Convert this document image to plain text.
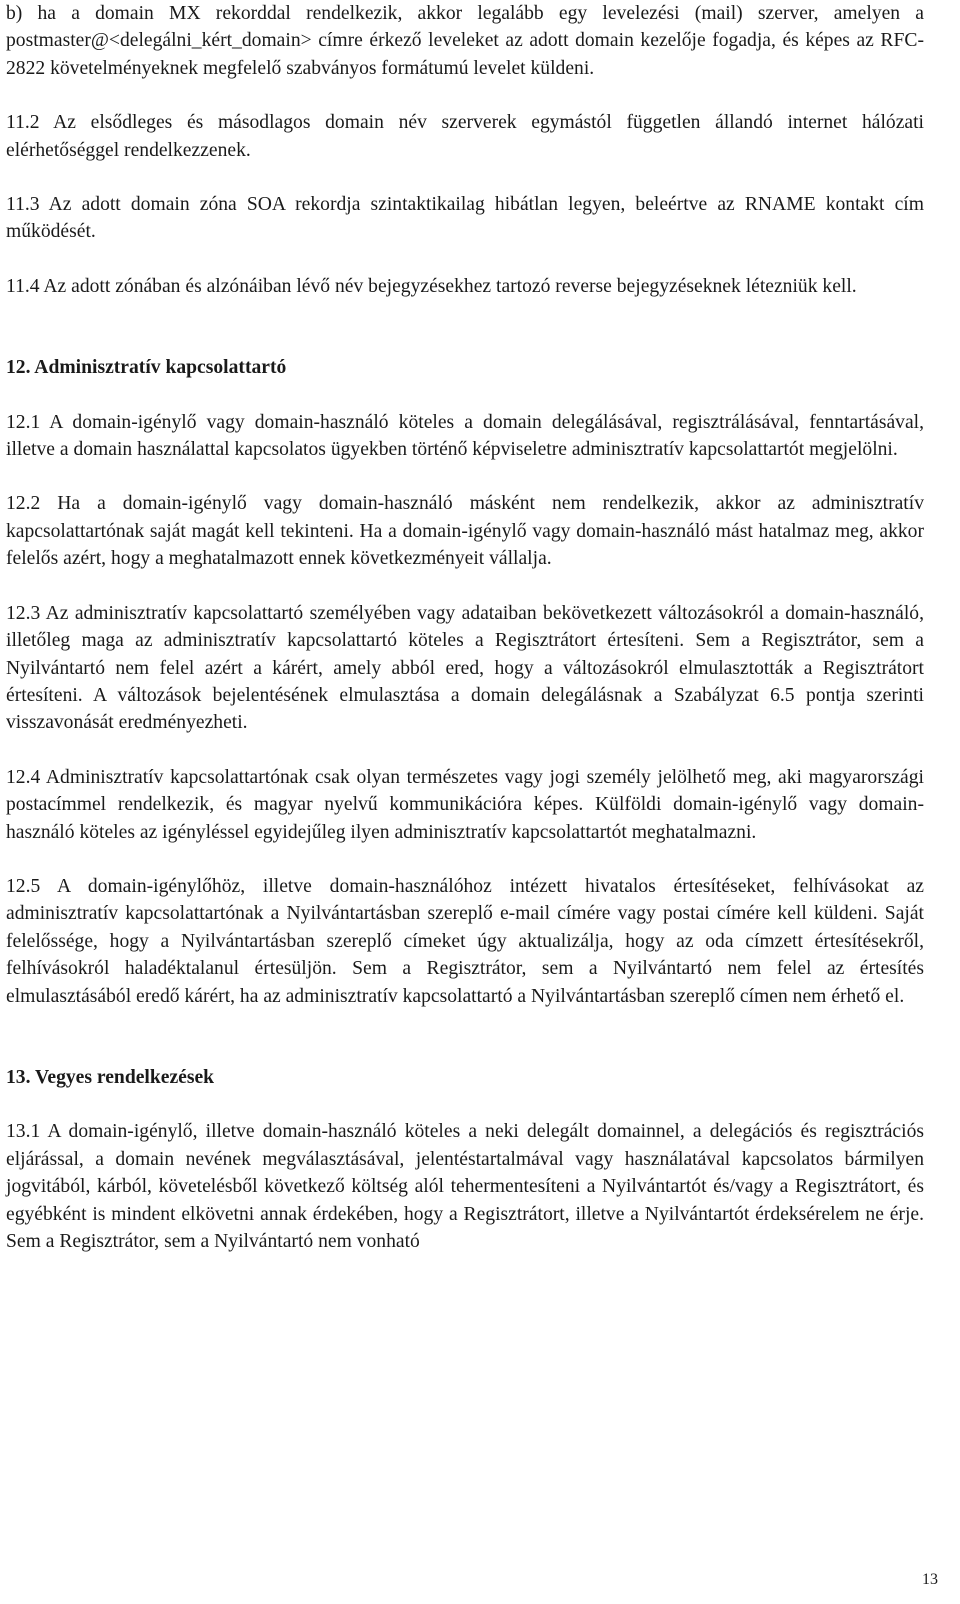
b) ha a domain MX rekorddal rendelkezik, akkor legalább egy levelezési (mail) szerver, amelyen a postmaster@<delegálni_kért_domain> címre érkező leveleket az adott domain kezelője fogadja, és képes az RFC-2822 követelményeknek megfelelő szabványos formátumú levelet küldeni.

11.2 Az elsődleges és másodlagos domain név szerverek egymástól független állandó internet hálózati elérhetőséggel rendelkezzenek.

11.3 Az adott domain zóna SOA rekordja szintaktikailag hibátlan legyen, beleértve az RNAME kontakt cím működését.

11.4 Az adott zónában és alzónáiban lévő név bejegyzésekhez tartozó reverse bejegyzéseknek létezniük kell.

12. Adminisztratív kapcsolattartó

12.1 A domain-igénylő vagy domain-használó köteles a domain delegálásával, regisztrálásával, fenntartásával, illetve a domain használattal kapcsolatos ügyekben történő képviseletre adminisztratív kapcsolattartót megjelölni.

12.2 Ha a domain-igénylő vagy domain-használó másként nem rendelkezik, akkor az adminisztratív kapcsolattartónak saját magát kell tekinteni. Ha a domain-igénylő vagy domain-használó mást hatalmaz meg, akkor felelős azért, hogy a meghatalmazott ennek következményeit vállalja.

12.3 Az adminisztratív kapcsolattartó személyében vagy adataiban bekövetkezett változásokról a domain-használó, illetőleg maga az adminisztratív kapcsolattartó köteles a Regisztrátort értesíteni. Sem a Regisztrátor, sem a Nyilvántartó nem felel azért a kárért, amely abból ered, hogy a változásokról elmulasztották a Regisztrátort értesíteni. A változások bejelentésének elmulasztása a domain delegálásnak a Szabályzat 6.5 pontja szerinti visszavonását eredményezheti.

12.4 Adminisztratív kapcsolattartónak csak olyan természetes vagy jogi személy jelölhető meg, aki magyarországi postacímmel rendelkezik, és magyar nyelvű kommunikációra képes. Külföldi domain-igénylő vagy domain-használó köteles az igényléssel egyidejűleg ilyen adminisztratív kapcsolattartót meghatalmazni.

12.5 A domain-igénylőhöz, illetve domain-használóhoz intézett hivatalos értesítéseket, felhívásokat az adminisztratív kapcsolattartónak a Nyilvántartásban szereplő e-mail címére vagy postai címére kell küldeni. Saját felelőssége, hogy a Nyilvántartásban szereplő címeket úgy aktualizálja, hogy az oda címzett értesítésekről, felhívásokról haladéktalanul értesüljön. Sem a Regisztrátor, sem a Nyilvántartó nem felel az értesítés elmulasztásából eredő kárért, ha az adminisztratív kapcsolattartó a Nyilvántartásban szereplő címen nem érhető el.

13. Vegyes rendelkezések

13.1 A domain-igénylő, illetve domain-használó köteles a neki delegált domainnel, a delegációs és regisztrációs eljárással, a domain nevének megválasztásával, jelentéstartalmával vagy használatával kapcsolatos bármilyen jogvitából, kárból, követelésből következő költség alól tehermentesíteni a Nyilvántartót és/vagy a Regisztrátort, és egyébként is mindent elkövetni annak érdekében, hogy a Regisztrátort, illetve a Nyilvántartót érdeksérelem ne érje. Sem a Regisztrátor, sem a Nyilvántartó nem vonható

13
